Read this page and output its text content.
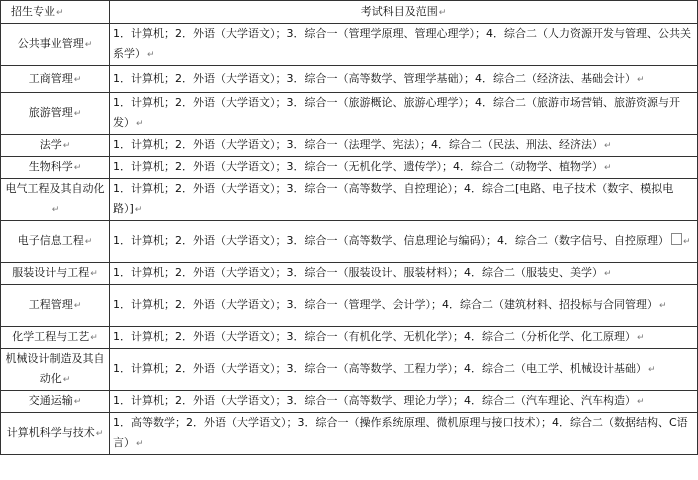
招生专业↵	考试科目及范围↵
公共事业管理↵	1．计算机；2．外语（大学语文）；3．综合一（管理学原理、管理心理学）；4．综合二（人力资源开发与管理、公共关系学）↵
工商管理↵	1．计算机；2．外语（大学语文）；3．综合一（高等数学、管理学基础）；4．综合二（经济法、基础会计）↵
旅游管理↵	1．计算机；2．外语（大学语文）；3．综合一（旅游概论、旅游心理学）；4．综合二（旅游市场营销、旅游资源与开发）↵
法学↵	1．计算机；2．外语（大学语文）；3．综合一（法理学、宪法）；4．综合二（民法、刑法、经济法）↵
生物科学↵	1．计算机；2．外语（大学语文）；3．综合一（无机化学、遗传学）；4．综合二（动物学、植物学）↵
电气工程及其自动化↵	1．计算机；2．外语（大学语文）；3．综合一（高等数学、自控理论）；4．综合二[电路、电子技术（数字、模拟电路）]↵
电子信息工程↵	1．计算机；2．外语（大学语文）；3．综合一（高等数学、信息理论与编码）；4．综合二（数字信号、自控原理） ↵
服装设计与工程↵	1．计算机；2．外语（大学语文）；3．综合一（服装设计、服装材料）；4．综合二（服装史、美学）↵
工程管理↵	1．计算机；2．外语（大学语文）；3．综合一（管理学、会计学）；4．综合二（建筑材料、招投标与合同管理）↵
化学工程与工艺↵	1．计算机；2．外语（大学语文）；3．综合一（有机化学、无机化学）；4．综合二（分析化学、化工原理）↵
机械设计制造及其自动化↵	1．计算机；2．外语（大学语文）；3．综合一（高等数学、工程力学）；4．综合二（电工学、机械设计基础）↵
交通运输↵	1．计算机；2．外语（大学语文）；3．综合一（高等数学、理论力学）；4．综合二（汽车理论、汽车构造）↵
计算机科学与技术↵	1．高等数学；2．外语（大学语文）；3．综合一（操作系统原理、微机原理与接口技术）；4．综合二（数据结构、C语言）↵
